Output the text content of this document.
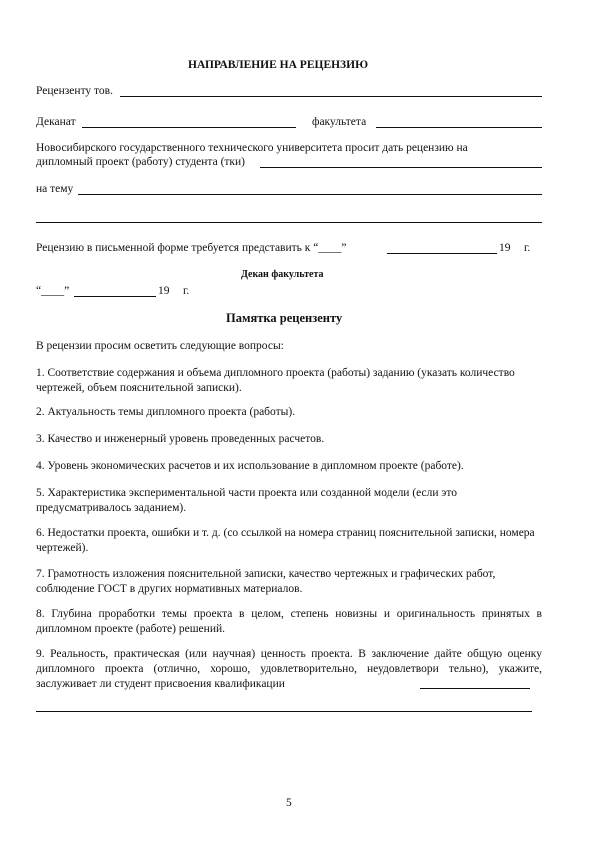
НАПРАВЛЕНИЕ НА РЕЦЕНЗИЮ
Рецензенту тов.
Деканат	факультета
Новосибирского государственного технического университета просит дать рецензию на
дипломный проект (работу) студента (тки)
на тему
Рецензию в письменной форме требуется представить к “____”	19 г.
Декан факультета
“____”	19 г.
Памятка рецензенту
В рецензии просим осветить следующие вопросы:
1. Соответствие содержания и объема дипломного проекта (работы) заданию (указать количество чертежей, объем пояснительной записки).
2. Актуальность темы дипломного проекта (работы).
3. Качество и инженерный уровень проведенных расчетов.
4. Уровень экономических расчетов и их использование в дипломном проекте (работе).
5. Характеристика экспериментальной части проекта или созданной модели (если это предусматривалось заданием).
6. Недостатки проекта, ошибки и т. д. (со ссылкой на номера страниц пояснительной записки, номера чертежей).
7. Грамотность изложения пояснительной записки, качество чертежных и графических работ, соблюдение ГОСТ в других нормативных материалов.
8. Глубина проработки темы проекта в целом, степень новизны и оригинальность принятых в дипломном проекте (работе) решений.
9. Реальность, практическая (или научная) ценность проекта. В заключение дайте общую оценку дипломного проекта (отлично, хорошо, удовлетворительно, неудовлетвори тельно), укажите, заслуживает ли студент присвоения квалификации
5
